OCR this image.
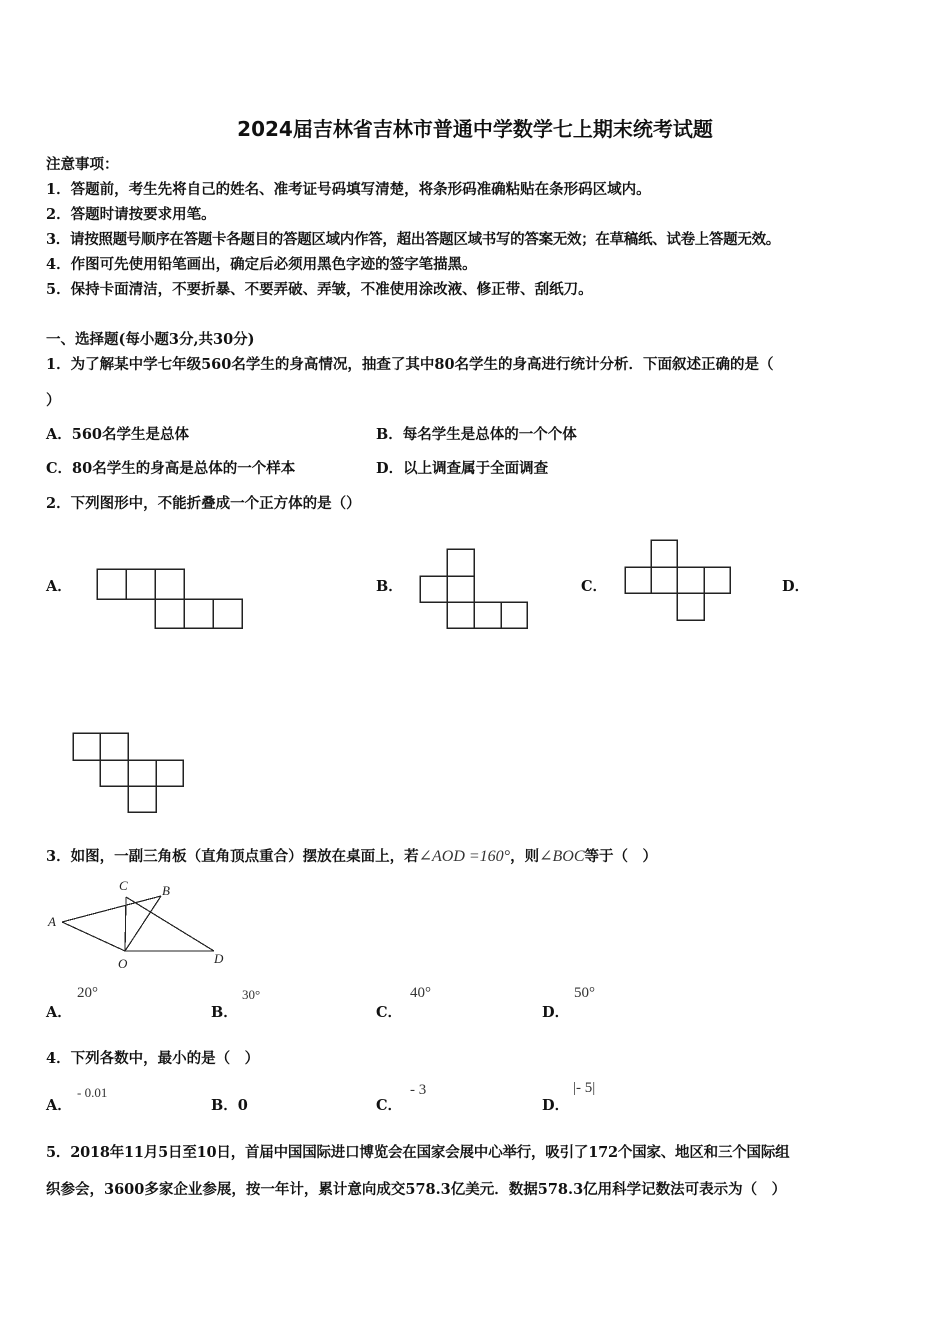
2024届吉林省吉林市普通中学数学七上期末统考试题
注意事项：
1．答题前，考生先将自己的姓名、准考证号码填写清楚，将条形码准确粘贴在条形码区域内。
2．答题时请按要求用笔。
3．请按照题号顺序在答题卡各题目的答题区域内作答，超出答题区域书写的答案无效；在草稿纸、试卷上答题无效。
4．作图可先使用铅笔画出，确定后必须用黑色字迹的签字笔描黑。
5．保持卡面清洁，不要折暴、不要弄破、弄皱，不准使用涂改液、修正带、刮纸刀。
一、选择题(每小题3分,共30分)
1．为了解某中学七年级560名学生的身高情况，抽查了其中80名学生的身高进行统计分析．下面叙述正确的是（
）
A．560名学生是总体	B．每名学生是总体的一个个体
C．80名学生的身高是总体的一个样本	D．以上调查属于全面调查
2．下列图形中，不能折叠成一个正方体的是（）
A．	B．	C．	D．
3．如图，一副三角板（直角顶点重合）摆放在桌面上，若∠AOD =160°，则∠BOC等于（　）
A
B
C
D
O
A．
20°
B．
30°
C．
40°
D．
50°
4．下列各数中，最小的是（　）
A．
- 0.01
B．0	C．
- 3
D．
|- 5|
5．2018年11月5日至10日，首届中国国际进口博览会在国家会展中心举行，吸引了172个国家、地区和三个国际组
织参会，3600多家企业参展，按一年计，累计意向成交578.3亿美元．数据578.3亿用科学记数法可表示为（　）
